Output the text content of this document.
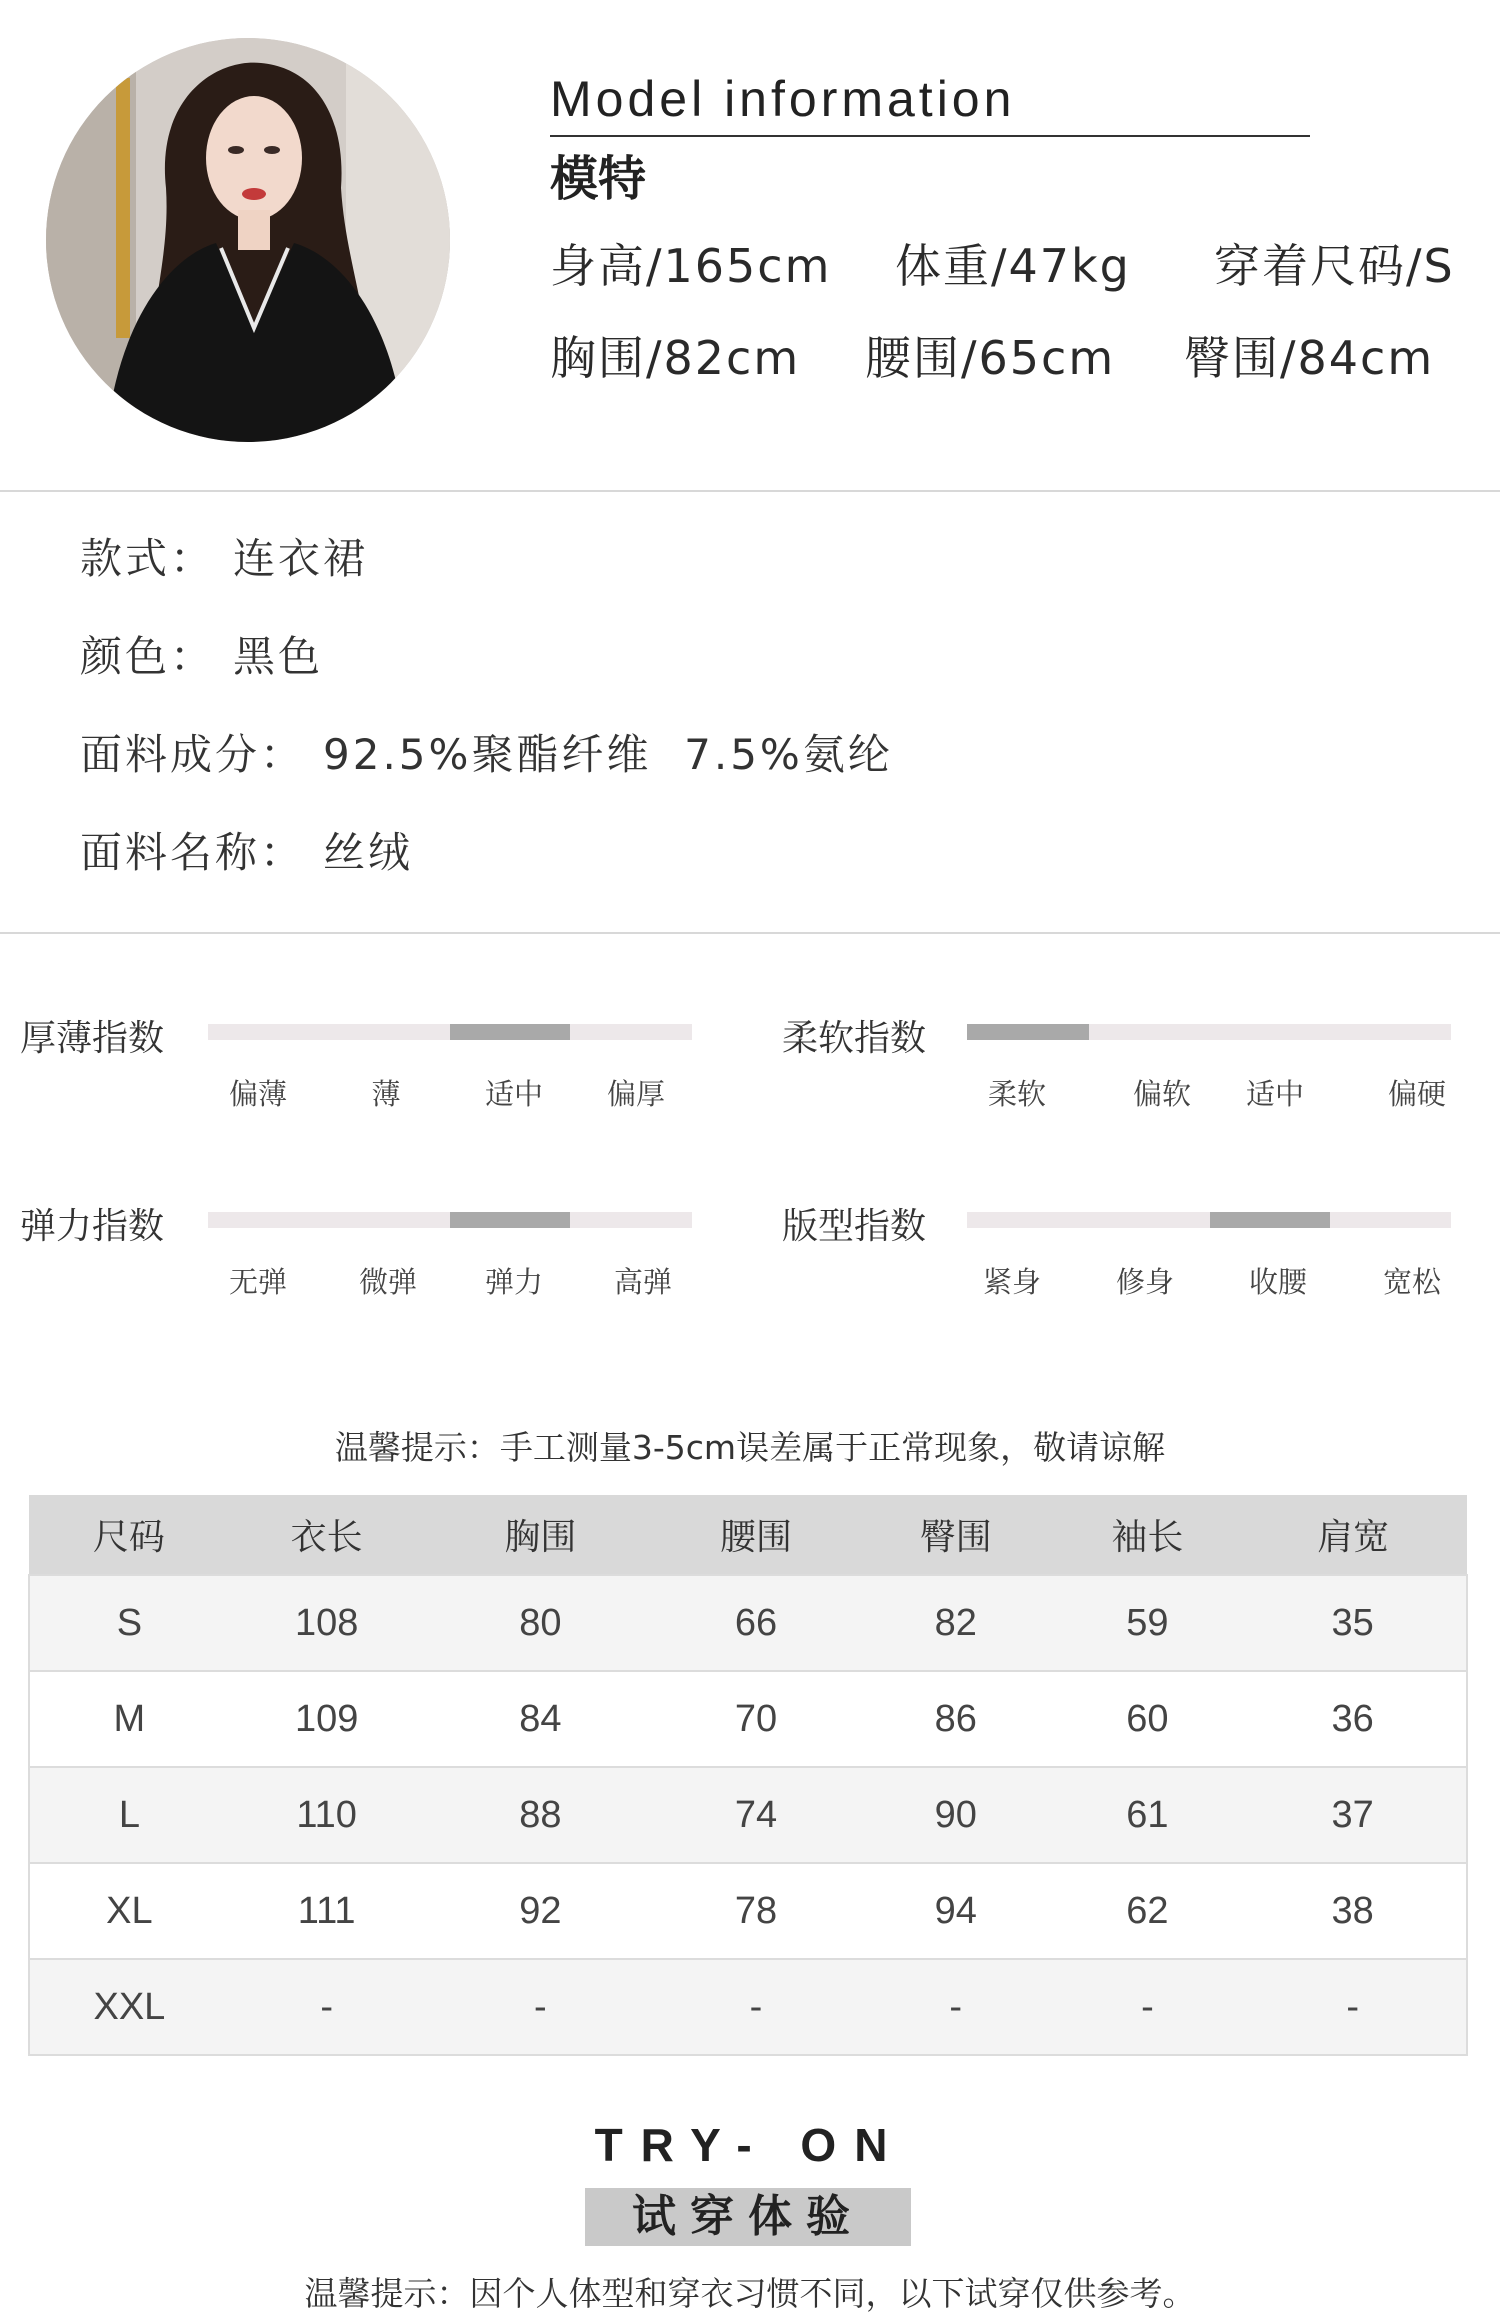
Model information
模特
身高/165cm 体重/47kg 穿着尺码/S
胸围/82cm 腰围/65cm 臀围/84cm
款式： 连衣裙
颜色： 黑色
面料成分： 92.5%聚酯纤维  7.5%氨纶
面料名称： 丝绒
厚薄指数
偏薄	薄	适中 偏厚
柔软指数
柔软	偏软 适中	偏硬
弹力指数
无弹 微弹 弹力 高弹
版型指数
紧身	修身	收腰	宽松
温馨提示：手工测量3-5cm误差属于正常现象，敬请谅解
尺码	衣长	胸围	腰围	臀围	袖长	肩宽
S	108	80	66	82	59	35
M	109	84	70	86	60	36
L	110	88	74	90	61	37
XL	111	92	78	94	62	38
XXL	-	-	-	-	-	-
TRY- ON
试穿体验
温馨提示：因个人体型和穿衣习惯不同，以下试穿仅供参考。
